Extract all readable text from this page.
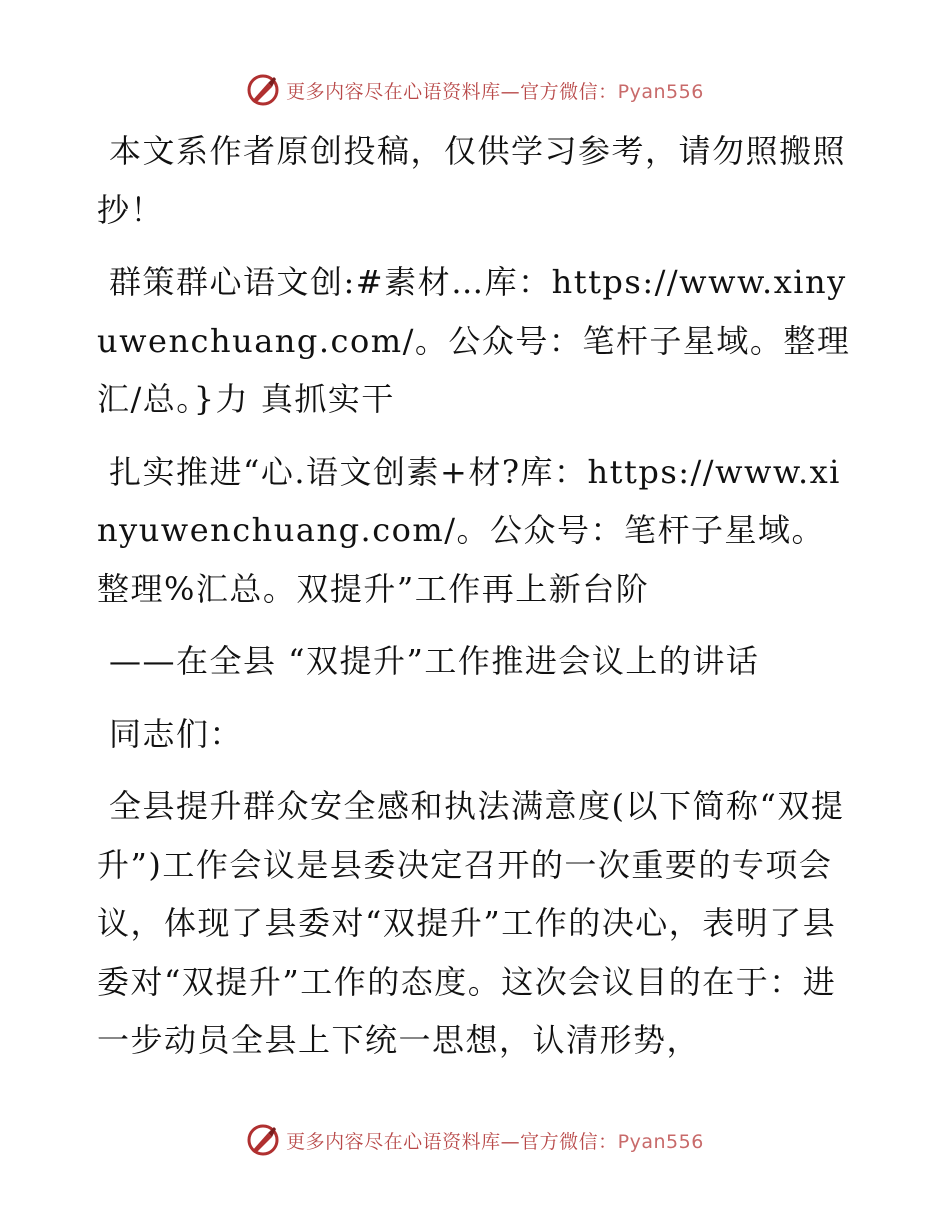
更多内容尽在心语资料库—官方微信：Pyan556

本文系作者原创投稿，仅供学习参考，请勿照搬照抄！

群策群心语文创:#素材…库：https://www.xinyuwenchuang.com/。公众号：笔杆子星域。整理汇/总。}力 真抓实干

扎实推进“心.语文创素+材?库：https://www.xinyuwenchuang.com/。公众号：笔杆子星域。整理%汇总。双提升”工作再上新台阶

——在全县 “双提升”工作推进会议上的讲话

同志们：

全县提升群众安全感和执法满意度(以下简称“双提升”)工作会议是县委决定召开的一次重要的专项会议，体现了县委对“双提升”工作的决心，表明了县委对“双提升”工作的态度。这次会议目的在于：进一步动员全县上下统一思想，认清形势，

更多内容尽在心语资料库—官方微信：Pyan556
